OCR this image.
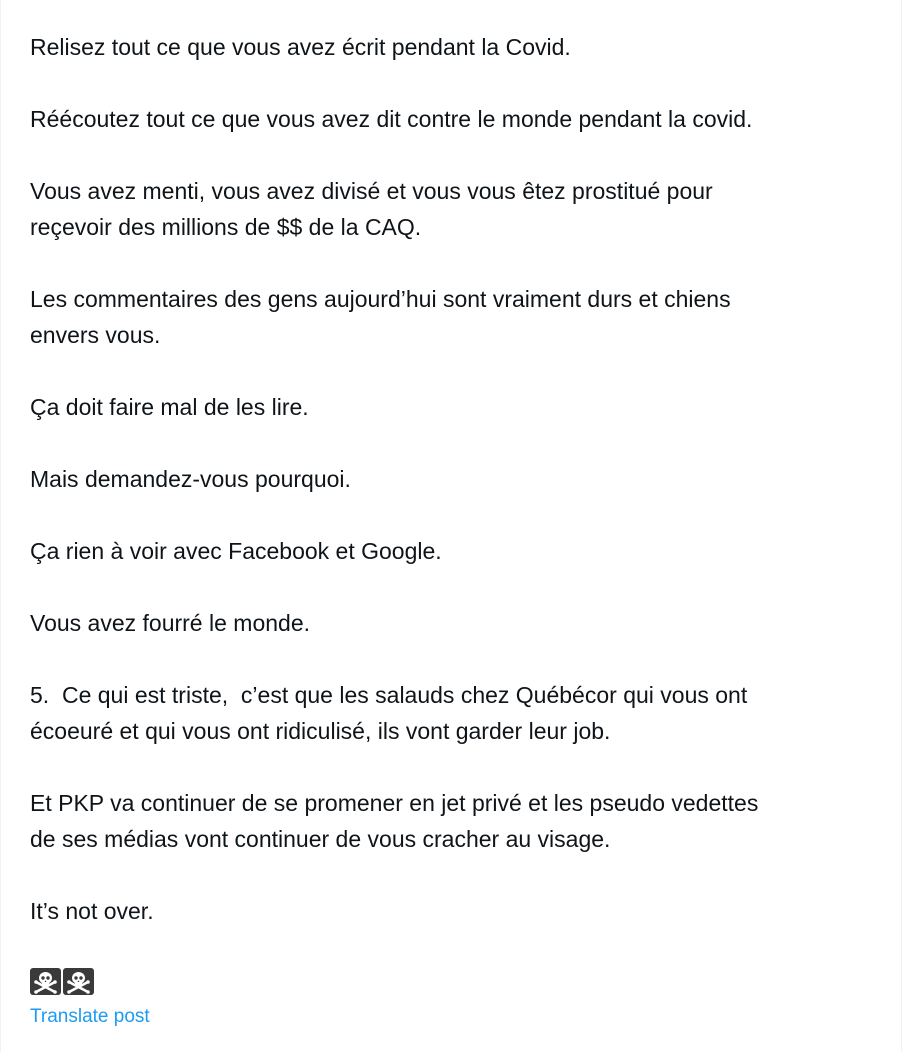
Relisez tout ce que vous avez écrit pendant la Covid.

Réécoutez tout ce que vous avez dit contre le monde pendant la covid.

Vous avez menti, vous avez divisé et vous vous êtez prostitué pour
reçevoir des millions de $$ de la CAQ.

Les commentaires des gens aujourd’hui sont vraiment durs et chiens
envers vous.

Ça doit faire mal de les lire.

Mais demandez-vous pourquoi.

Ça rien à voir avec Facebook et Google.

Vous avez fourré le monde.

5.  Ce qui est triste,  c’est que les salauds chez Québécor qui vous ont
écoeuré et qui vous ont ridiculisé, ils vont garder leur job.

Et PKP va continuer de se promener en jet privé et les pseudo vedettes
de ses médias vont continuer de vous cracher au visage.

It’s not over.

Translate post
